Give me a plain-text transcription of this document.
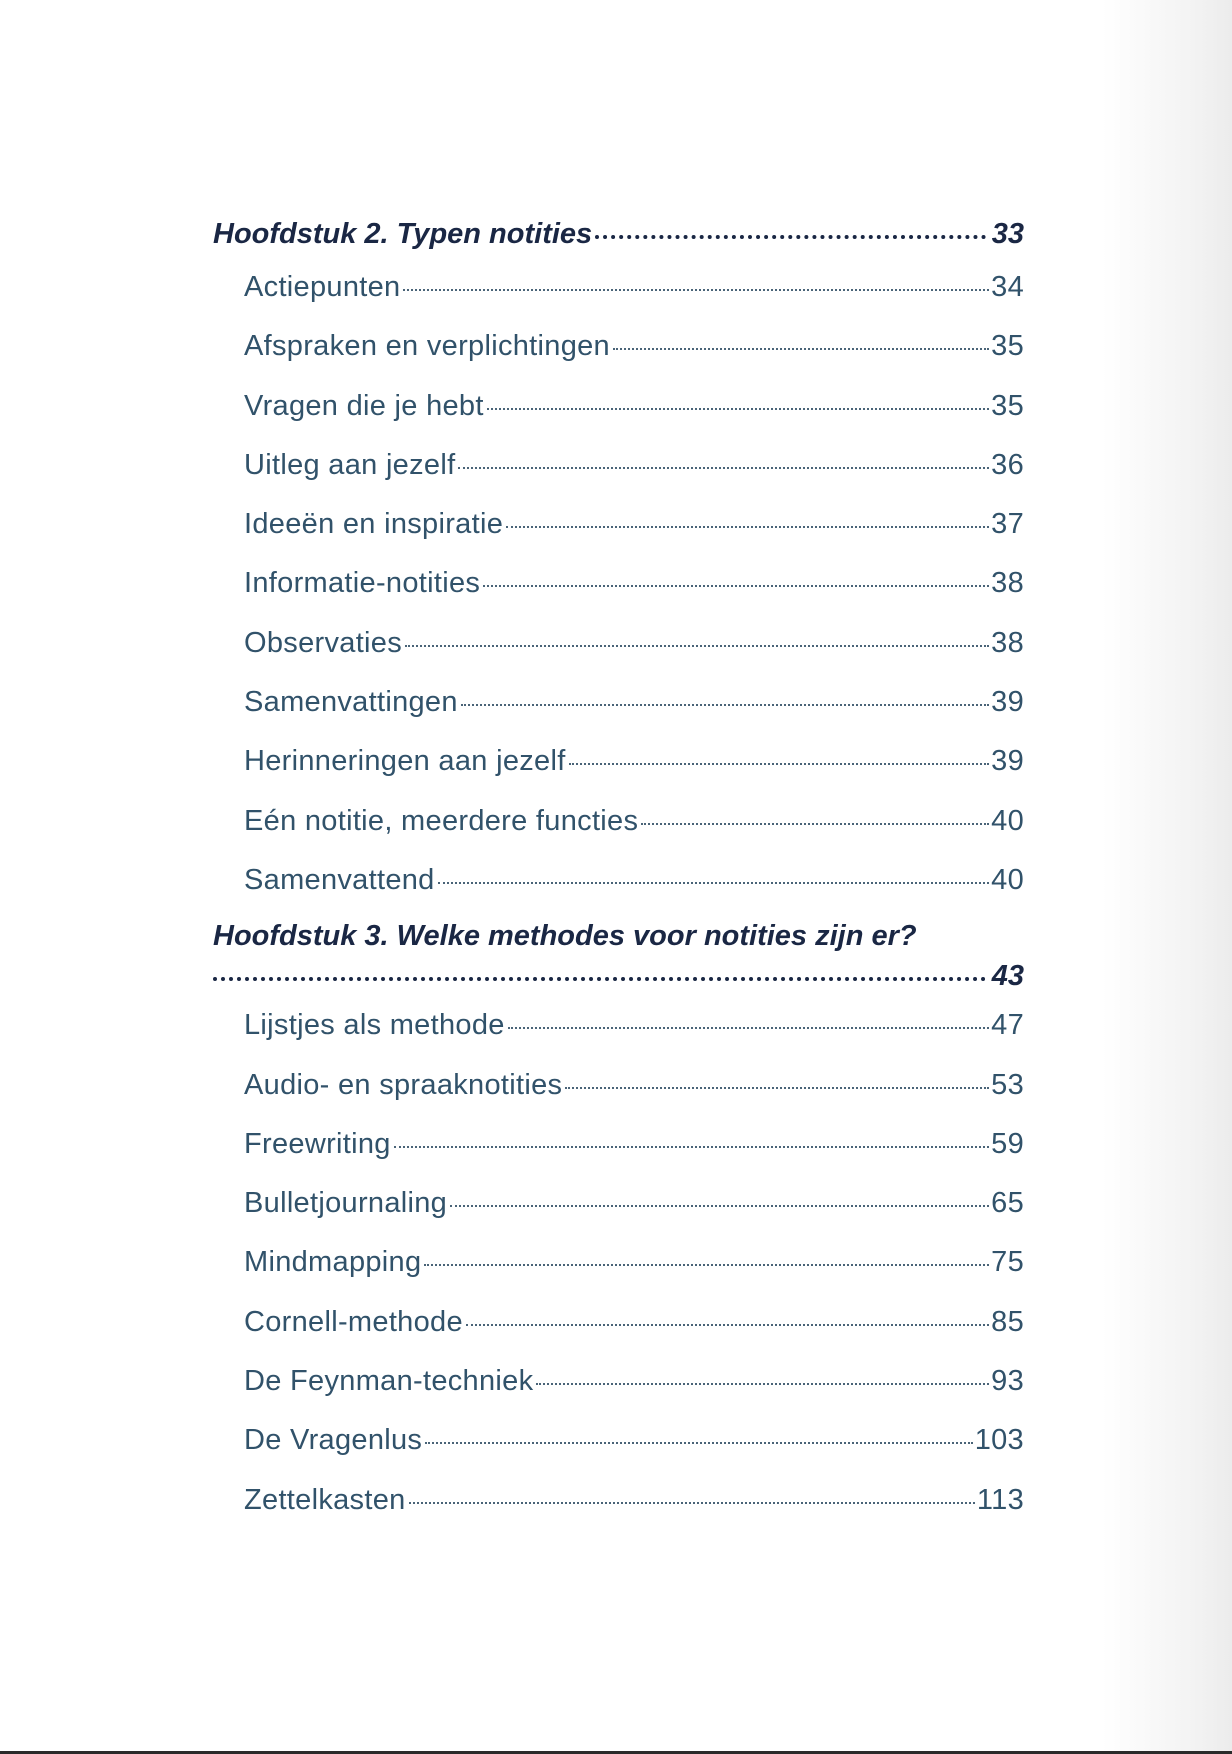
Hoofdstuk 2. Typen notities	33
Actiepunten	34
Afspraken en verplichtingen	35
Vragen die je hebt	35
Uitleg aan jezelf	36
Ideeën en inspiratie	37
Informatie-notities	38
Observaties	38
Samenvattingen	39
Herinneringen aan jezelf	39
Eén notitie, meerdere functies	40
Samenvattend	40
Hoofdstuk 3. Welke methodes voor notities zijn er?
43
Lijstjes als methode	47
Audio- en spraaknotities	53
Freewriting	59
Bulletjournaling	65
Mindmapping	75
Cornell-methode	85
De Feynman-techniek	93
De Vragenlus	103
Zettelkasten	113
